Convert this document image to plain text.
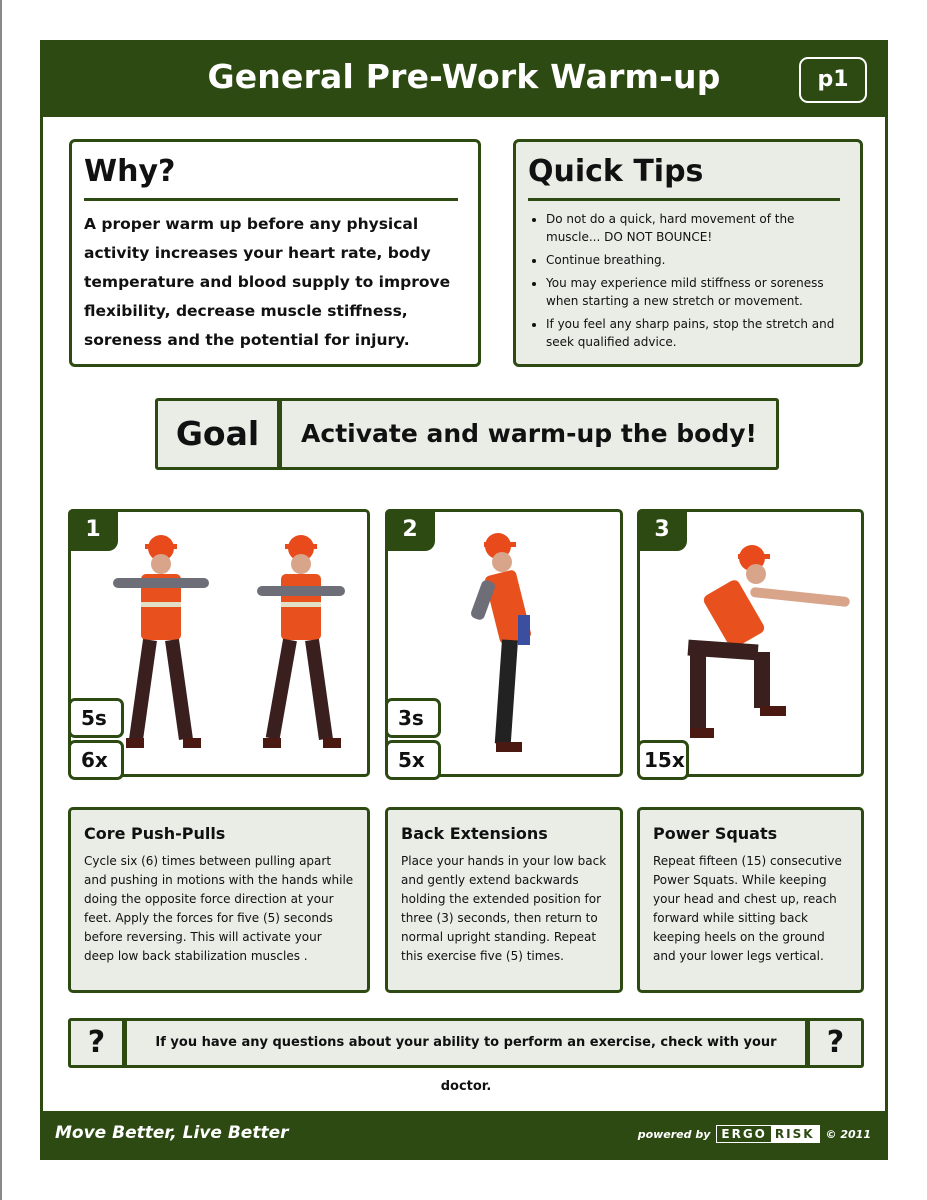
General Pre-Work Warm-up	p1
Why?
A proper warm up before any physical activity increases your heart rate, body temperature and blood supply to improve flexibility, decrease muscle stiffness, soreness and the potential for injury.
Quick Tips
• Do not do a quick, hard movement of the muscle... DO NOT BOUNCE!
• Continue breathing.
• You may experience mild stiffness or soreness when starting a new stretch or movement.
• If you feel any sharp pains, stop the stretch and seek qualified advice.
Goal	Activate and warm-up the body!
1
5s
6x
2
3s
5x
3
15x
Core Push-Pulls
Cycle six (6) times between pulling apart and pushing in motions with the hands while doing the opposite force direction at your feet. Apply the forces for five (5) seconds before reversing. This will activate your deep low back stabilization muscles .
Back Extensions
Place your hands in your low back and gently extend backwards holding the extended position for three (3) seconds, then return to normal upright standing. Repeat this exercise five (5) times.
Power Squats
Repeat fifteen (15) consecutive Power Squats. While keeping your head and chest up, reach forward while sitting back keeping heels on the ground and your lower legs vertical.
?	If you have any questions about your ability to perform an exercise, check with your doctor.
?
Move Better, Live Better	powered by ERGO RISK	© 2011
